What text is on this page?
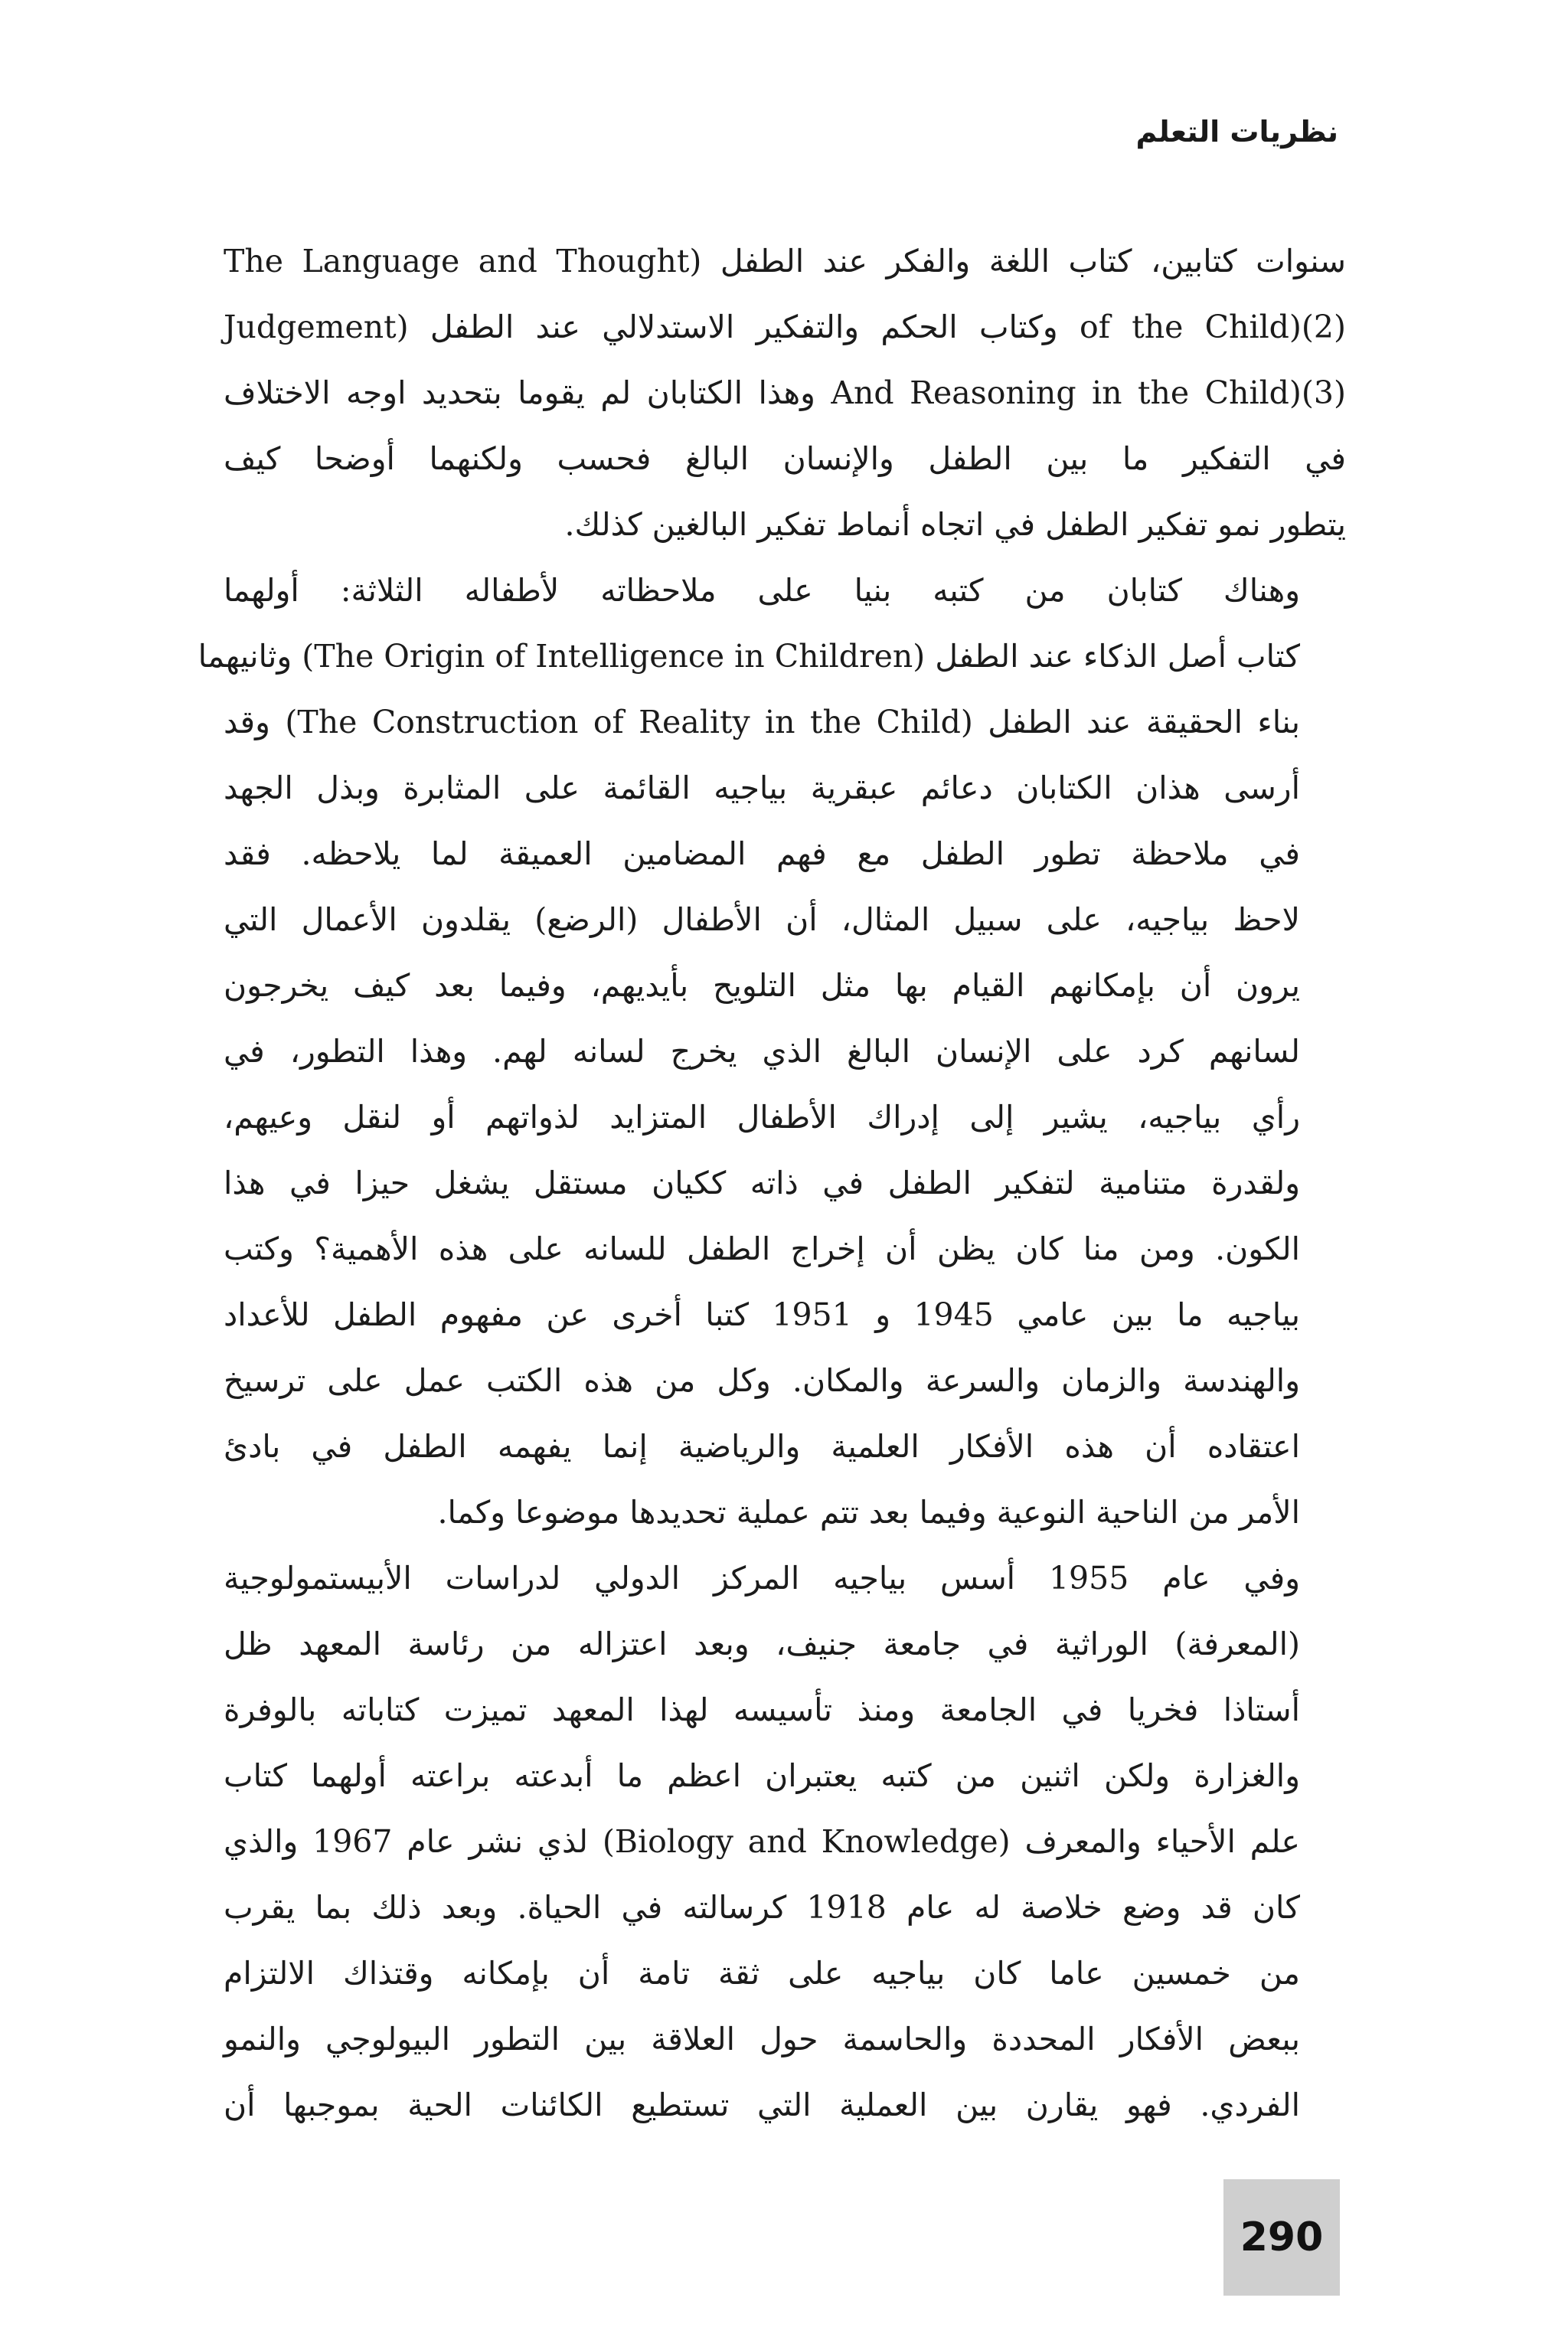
نظريات التعلم

سنوات كتابين، كتاب اللغة والفكر عند الطفل (The Language and Thought
of the Child)(2) وكتاب الحكم والتفكير الاستدلالي عند الطفل (Judgement
And Reasoning in the Child)(3) وهذا الكتابان لم يقوما بتحديد اوجه الاختلاف
في التفكير ما بين الطفل والإنسان البالغ فحسب ولكنهما أوضحا كيف
يتطور نمو تفكير الطفل في اتجاه أنماط تفكير البالغين كذلك.

وهناك كتابان من كتبه بنيا على ملاحظاته لأطفاله الثلاثة: أولهما
كتاب أصل الذكاء عند الطفل (The Origin of Intelligence in Children) وثانيهما
بناء الحقيقة عند الطفل (The Construction of Reality in the Child) وقد
أرسى هذان الكتابان دعائم عبقرية بياجيه القائمة على المثابرة وبذل الجهد
في ملاحظة تطور الطفل مع فهم المضامين العميقة لما يلاحظه. فقد
لاحظ بياجيه، على سبيل المثال، أن الأطفال (الرضع) يقلدون الأعمال التي
يرون أن بإمكانهم القيام بها مثل التلويح بأيديهم، وفيما بعد كيف يخرجون
لسانهم كرد على الإنسان البالغ الذي يخرج لسانه لهم. وهذا التطور، في
رأي بياجيه، يشير إلى إدراك الأطفال المتزايد لذواتهم أو لنقل وعيهم،
ولقدرة متنامية لتفكير الطفل في ذاته ككيان مستقل يشغل حيزا في هذا
الكون. ومن منا كان يظن أن إخراج الطفل للسانه على هذه الأهمية؟ وكتب
بياجيه ما بين عامي 1945 و 1951 كتبا أخرى عن مفهوم الطفل للأعداد
والهندسة والزمان والسرعة والمكان. وكل من هذه الكتب عمل على ترسيخ
اعتقاده أن هذه الأفكار العلمية والرياضية إنما يفهمه الطفل في بادئ
الأمر من الناحية النوعية وفيما بعد تتم عملية تحديدها موضوعا وكما.

وفي عام 1955 أسس بياجيه المركز الدولي لدراسات الأبيستمولوجية
(المعرفة) الوراثية في جامعة جنيف، وبعد اعتزاله من رئاسة المعهد ظل
أستاذا فخريا في الجامعة ومنذ تأسيسه لهذا المعهد تميزت كتاباته بالوفرة
والغزارة ولكن اثنين من كتبه يعتبران اعظم ما أبدعته براعته أولهما كتاب
علم الأحياء والمعرف (Biology and Knowledge) لذي نشر عام 1967 والذي
كان قد وضع خلاصة له عام 1918 كرسالته في الحياة. وبعد ذلك بما يقرب
من خمسين عاما كان بياجيه على ثقة تامة أن بإمكانه وقتذاك الالتزام
ببعض الأفكار المحددة والحاسمة حول العلاقة بين التطور البيولوجي والنمو
الفردي. فهو يقارن بين العملية التي تستطيع الكائنات الحية بموجبها أن

290
